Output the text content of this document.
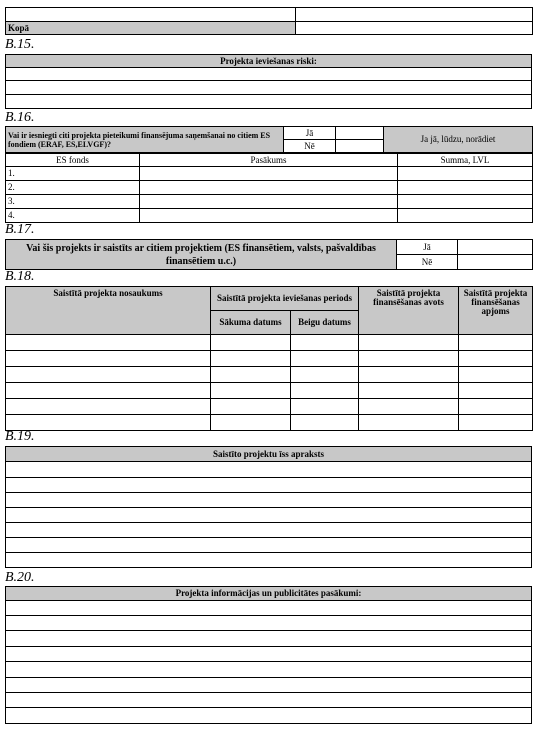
Kopā	
B.15.
Projekta ieviešanas riski:

B.16.
Vai ir iesniegti citi projekta pieteikumi finansējuma saņemšanai no citiem ES fondiem (ERAF, ES,ELVGF)?	Jā		Ja jā, lūdzu, norādiet
	Nē		
ES fonds	Pasākums	Summa, LVL
1.		
2.		
3.		
4.		
B.17.
Vai šis projekts ir saistīts ar citiem projektiem (ES finansētiem, valsts, pašvaldības finansētiem u.c.)	Jā	
	Nē	
B.18.
Saistītā projekta nosaukums	Saistītā projekta ieviešanas periods		Saistītā projekta finansēšanas avots	Saistītā projekta finansēšanas apjoms
	Sākuma datums	Beigu datums		

B.19.
Saistīto projektu īss apraksts

B.20.
Projekta informācijas un publicitātes pasākumi:
